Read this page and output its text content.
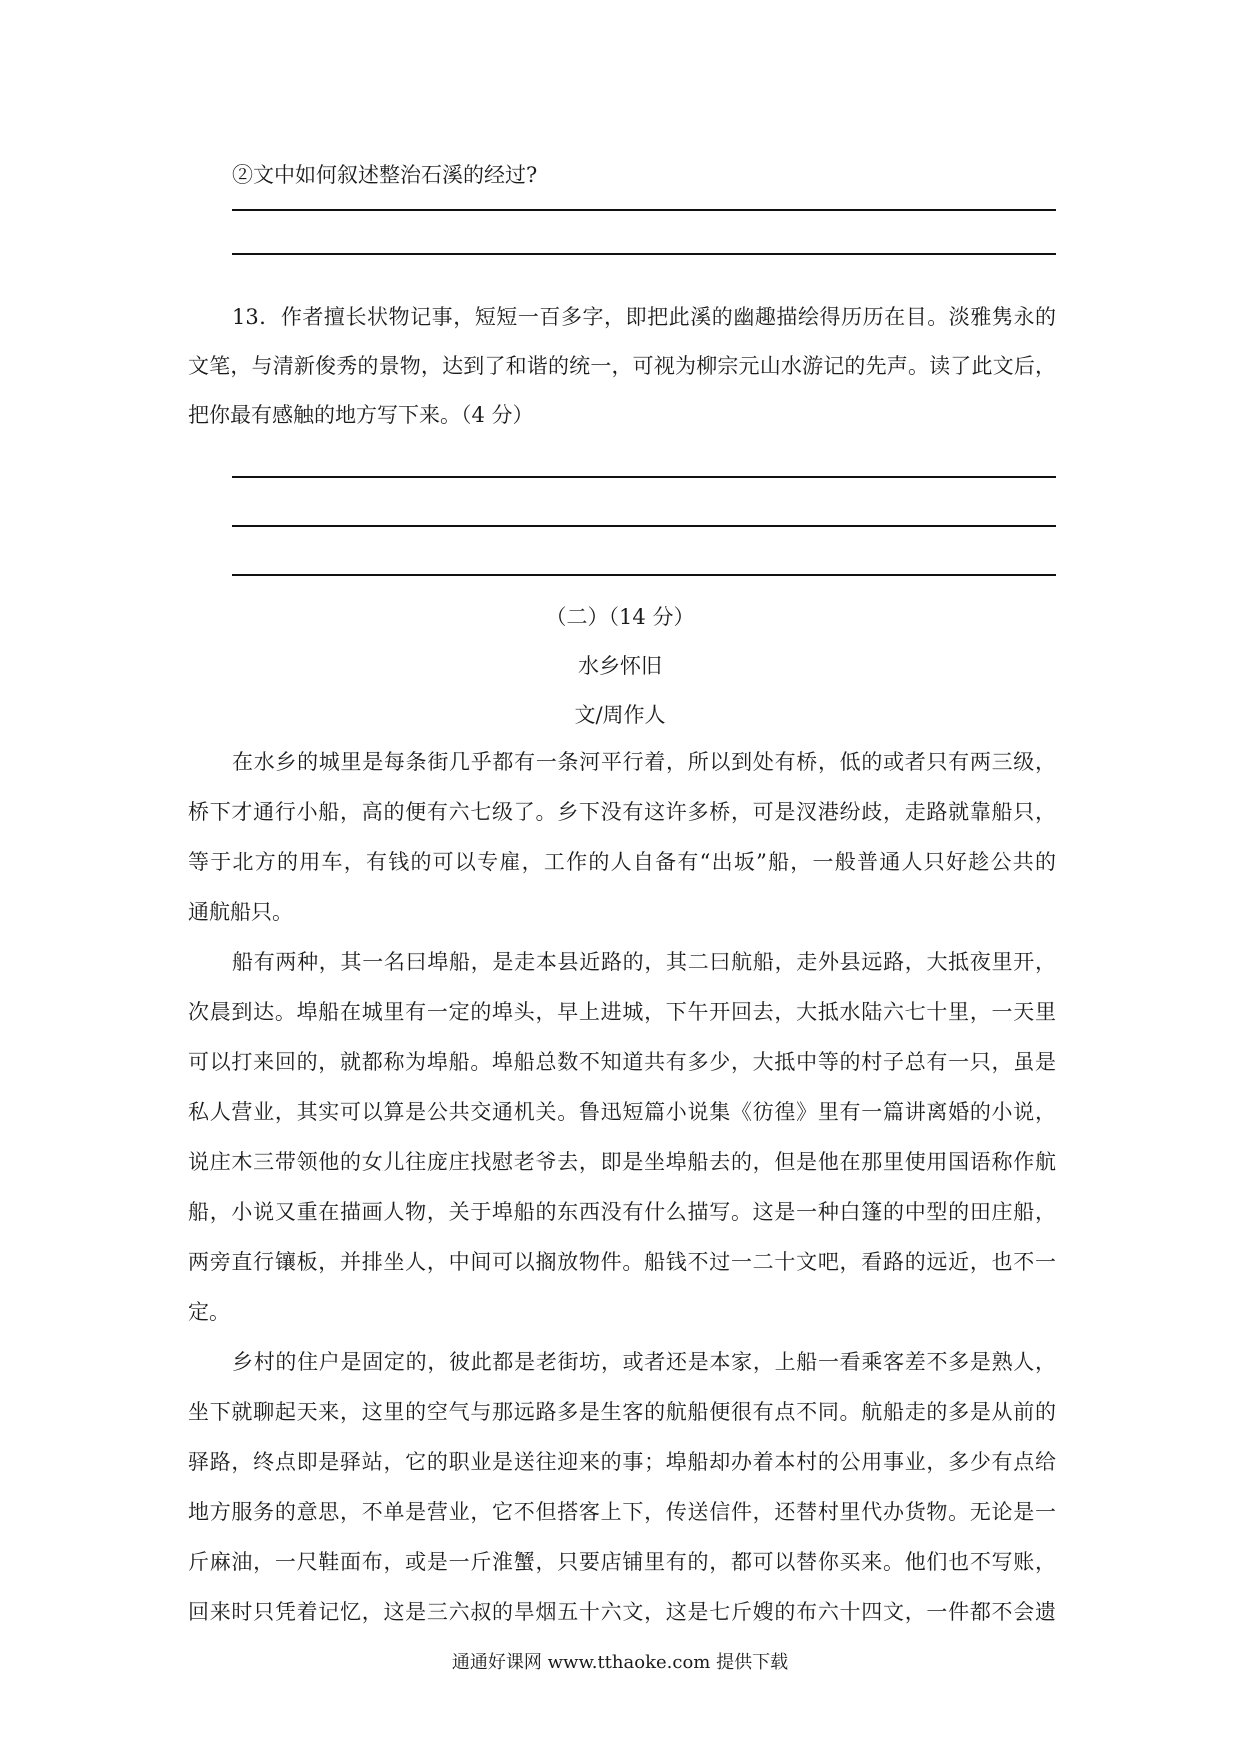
②文中如何叙述整治石溪的经过?
13．作者擅长状物记事，短短一百多字，即把此溪的幽趣描绘得历历在目。淡雅隽永的
文笔，与清新俊秀的景物，达到了和谐的统一，可视为柳宗元山水游记的先声。读了此文后，
把你最有感触的地方写下来。（4 分）
（二）（14 分）
水乡怀旧
文/周作人
在水乡的城里是每条街几乎都有一条河平行着，所以到处有桥，低的或者只有两三级，
桥下才通行小船，高的便有六七级了。乡下没有这许多桥，可是汊港纷歧，走路就靠船只，
等于北方的用车，有钱的可以专雇，工作的人自备有“出坂”船，一般普通人只好趁公共的
通航船只。
船有两种，其一名曰埠船，是走本县近路的，其二曰航船，走外县远路，大抵夜里开，
次晨到达。埠船在城里有一定的埠头，早上进城，下午开回去，大抵水陆六七十里，一天里
可以打来回的，就都称为埠船。埠船总数不知道共有多少，大抵中等的村子总有一只，虽是
私人营业，其实可以算是公共交通机关。鲁迅短篇小说集《彷徨》里有一篇讲离婚的小说，
说庄木三带领他的女儿往庞庄找慰老爷去，即是坐埠船去的，但是他在那里使用国语称作航
船，小说又重在描画人物，关于埠船的东西没有什么描写。这是一种白篷的中型的田庄船，
两旁直行镶板，并排坐人，中间可以搁放物件。船钱不过一二十文吧，看路的远近，也不一
定。
乡村的住户是固定的，彼此都是老街坊，或者还是本家，上船一看乘客差不多是熟人，
坐下就聊起天来，这里的空气与那远路多是生客的航船便很有点不同。航船走的多是从前的
驿路，终点即是驿站，它的职业是送往迎来的事；埠船却办着本村的公用事业，多少有点给
地方服务的意思，不单是营业，它不但搭客上下，传送信件，还替村里代办货物。无论是一
斤麻油，一尺鞋面布，或是一斤淮蟹，只要店铺里有的，都可以替你买来。他们也不写账，
回来时只凭着记忆，这是三六叔的旱烟五十六文，这是七斤嫂的布六十四文，一件都不会遗
通通好课网 www.tthaoke.com 提供下载
